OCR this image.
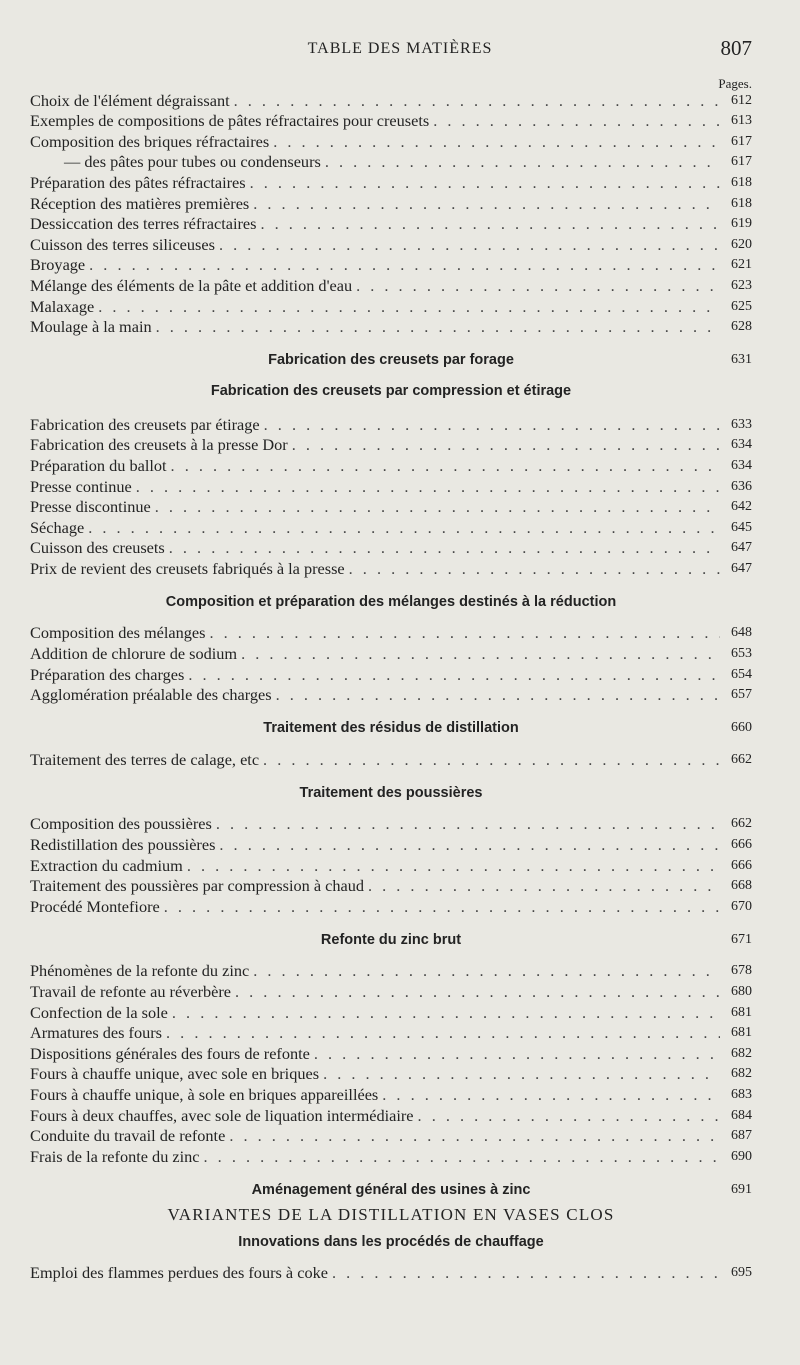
TABLE DES MATIÈRES	807
Pages.
Choix de l'élément dégraissant . . .	612
Exemples de compositions de pâtes réfractaires pour creusets . . .	613
Composition des briques réfractaires . . .	617
— des pâtes pour tubes ou condenseurs . . .	617
Préparation des pâtes réfractaires . . .	618
Réception des matières premières . . .	618
Dessiccation des terres réfractaires . . .	619
Cuisson des terres siliceuses . . .	620
Broyage . . .	621
Mélange des éléments de la pâte et addition d'eau . . .	623
Malaxage . . .	625
Moulage à la main . . .	628
Fabrication des creusets par forage	631
Fabrication des creusets par compression et étirage
Fabrication des creusets par étirage . . .	633
Fabrication des creusets à la presse Dor . . .	634
Préparation du ballot . . .	634
Presse continue . . .	636
Presse discontinue . . .	642
Séchage . . .	645
Cuisson des creusets . . .	647
Prix de revient des creusets fabriqués à la presse . . .	647
Composition et préparation des mélanges destinés à la réduction
Composition des mélanges . . .	648
Addition de chlorure de sodium . . .	653
Préparation des charges . . .	654
Agglomération préalable des charges . . .	657
Traitement des résidus de distillation	660
Traitement des terres de calage, etc . . .	662
Traitement des poussières
Composition des poussières . . .	662
Redistillation des poussières . . .	666
Extraction du cadmium . . .	666
Traitement des poussières par compression à chaud . . .	668
Procédé Montefiore . . .	670
Refonte du zinc brut	671
Phénomènes de la refonte du zinc . . .	678
Travail de refonte au réverbère . . .	680
Confection de la sole . . .	681
Armatures des fours . . .	681
Dispositions générales des fours de refonte . . .	682
Fours à chauffe unique, avec sole en briques . . .	682
Fours à chauffe unique, à sole en briques appareillées . . .	683
Fours à deux chauffes, avec sole de liquation intermédiaire . . .	684
Conduite du travail de refonte . . .	687
Frais de la refonte du zinc . . .	690
Aménagement général des usines à zinc	691
VARIANTES DE LA DISTILLATION EN VASES CLOS
Innovations dans les procédés de chauffage
Emploi des flammes perdues des fours à coke . . .	695
